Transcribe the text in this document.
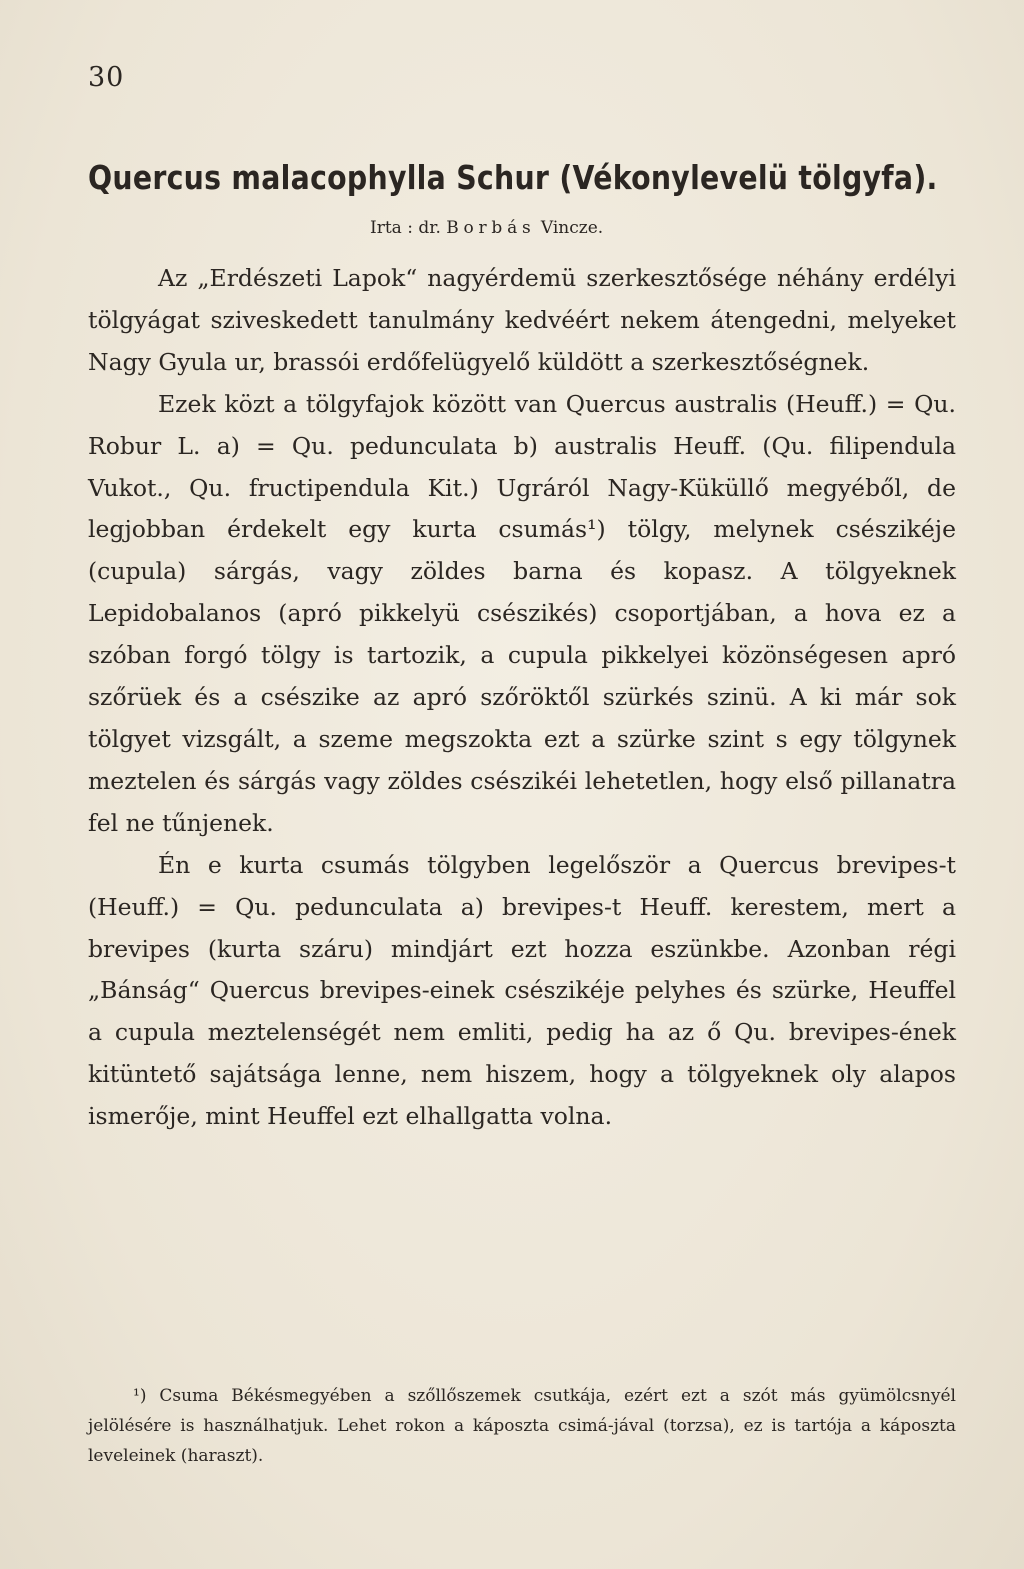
30
Quercus malacophylla Schur (Vékonylevelü tölgyfa).
Irta : dr. Borbás Vincze.

Az „Erdészeti Lapok“ nagyérdemü szerkesztősége néhány erdélyi tölgyágat sziveskedett tanulmány kedvéért nekem átengedni, melyeket Nagy Gyula ur, brassói erdőfelügyelő küldött a szerkesztőségnek.

Ezek közt a tölgyfajok között van Quercus australis (Heuff.) = Qu. Robur L. a) = Qu. pedunculata b) australis Heuff. (Qu. filipendula Vukot., Qu. fructipendula Kit.) Ugráról Nagy-Küküllő megyéből, de legjobban érdekelt egy kurta csumás¹) tölgy, melynek csészikéje (cupula) sárgás, vagy zöldes barna és kopasz. A tölgyeknek Lepidobalanos (apró pikkelyü csészikés) csoportjában, a hova ez a szóban forgó tölgy is tartozik, a cupula pikkelyei közönségesen apró szőrüek és a csészike az apró szőröktől szürkés szinü. A ki már sok tölgyet vizsgált, a szeme megszokta ezt a szürke szint s egy tölgynek meztelen és sárgás vagy zöldes csészikéi lehetetlen, hogy első pillanatra fel ne tűnjenek.

Én e kurta csumás tölgyben legelőször a Quercus brevipes-t (Heuff.) = Qu. pedunculata a) brevipes-t Heuff. kerestem, mert a brevipes (kurta száru) mindjárt ezt hozza eszünkbe. Azonban régi „Bánság“ Quercus brevipes-einek csészikéje pelyhes és szürke, Heuffel a cupula meztelenségét nem emliti, pedig ha az ő Qu. brevipes-ének kitüntető sajátsága lenne, nem hiszem, hogy a tölgyeknek oly alapos ismerője, mint Heuffel ezt elhallgatta volna.

¹) Csuma Békésmegyében a szőllőszemek csutkája, ezért ezt a szót más gyümölcsnyél jelölésére is használhatjuk. Lehet rokon a káposzta csimá-jával (torzsa), ez is tartója a káposzta leveleinek (haraszt).
